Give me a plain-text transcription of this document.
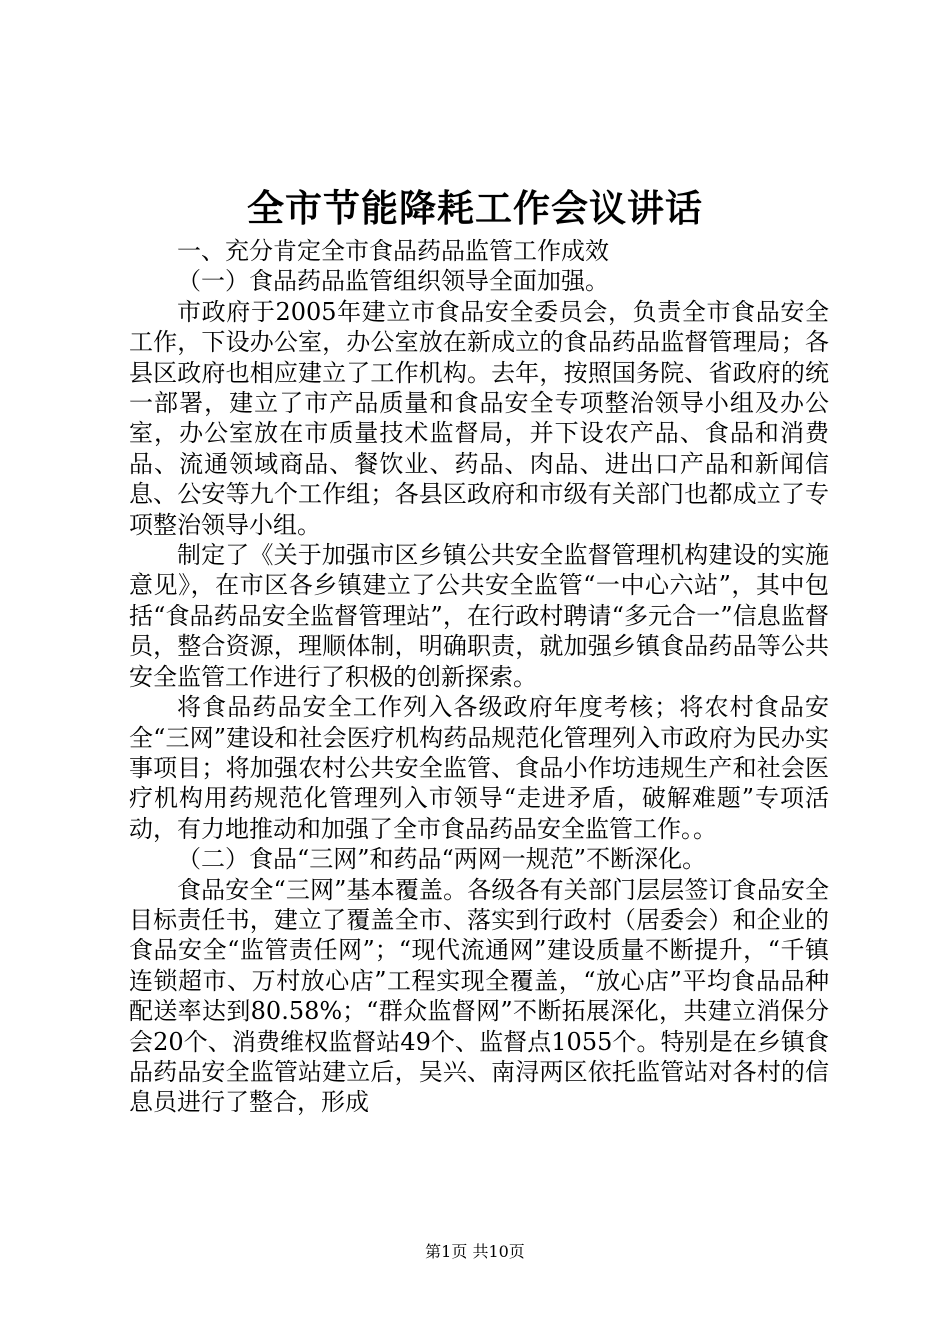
全市节能降耗工作会议讲话

一、充分肯定全市食品药品监管工作成效

（一）食品药品监管组织领导全面加强。

市政府于2005年建立市食品安全委员会，负责全市食品安全工作，下设办公室，办公室放在新成立的食品药品监督管理局；各县区政府也相应建立了工作机构。去年，按照国务院、省政府的统一部署，建立了市产品质量和食品安全专项整治领导小组及办公室，办公室放在市质量技术监督局，并下设农产品、食品和消费品、流通领域商品、餐饮业、药品、肉品、进出口产品和新闻信息、公安等九个工作组；各县区政府和市级有关部门也都成立了专项整治领导小组。

制定了《关于加强市区乡镇公共安全监督管理机构建设的实施意见》，在市区各乡镇建立了公共安全监管“一中心六站”，其中包括“食品药品安全监督管理站”，在行政村聘请“多元合一”信息监督员，整合资源，理顺体制，明确职责，就加强乡镇食品药品等公共安全监管工作进行了积极的创新探索。

将食品药品安全工作列入各级政府年度考核；将农村食品安全“三网”建设和社会医疗机构药品规范化管理列入市政府为民办实事项目；将加强农村公共安全监管、食品小作坊违规生产和社会医疗机构用药规范化管理列入市领导“走进矛盾，破解难题”专项活动，有力地推动和加强了全市食品药品安全监管工作。。

（二）食品“三网”和药品“两网一规范”不断深化。

食品安全“三网”基本覆盖。各级各有关部门层层签订食品安全目标责任书，建立了覆盖全市、落实到行政村（居委会）和企业的食品安全“监管责任网”；“现代流通网”建设质量不断提升，“千镇连锁超市、万村放心店”工程实现全覆盖，“放心店”平均食品品种配送率达到80.58%；“群众监督网”不断拓展深化，共建立消保分会20个、消费维权监督站49个、监督点1055个。特别是在乡镇食品药品安全监管站建立后，吴兴、南浔两区依托监管站对各村的信息员进行了整合，形成

第1页 共10页
